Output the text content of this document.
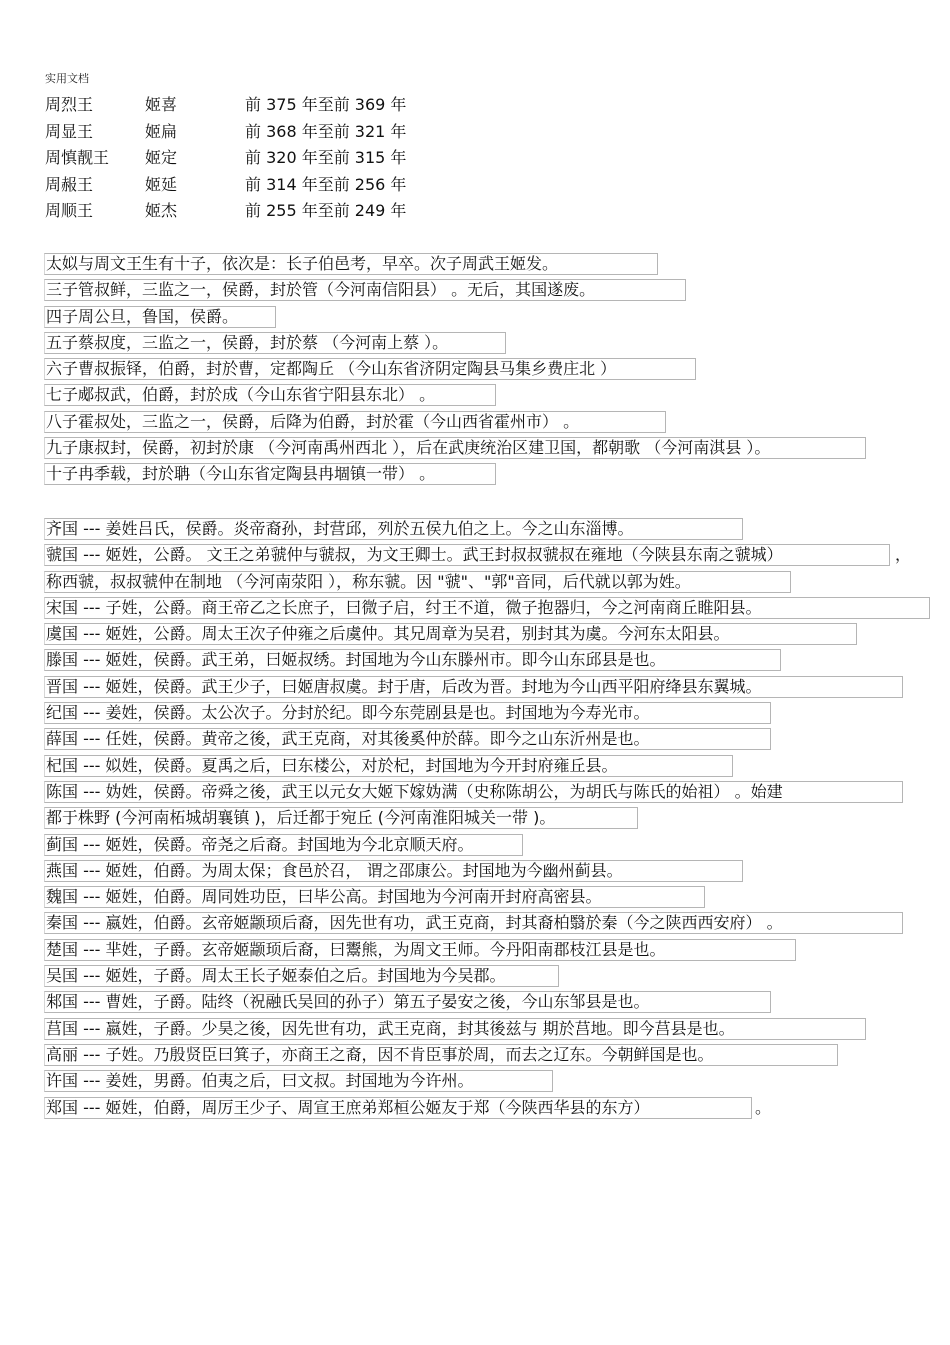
实用文档
周烈王	姬喜	前 375 年至前 369 年
周显王	姬扁	前 368 年至前 321 年
周慎靓王 姬定	前 320 年至前 315 年
周赧王	姬延	前 314 年至前 256 年
周顺王	姬杰	前 255 年至前 249 年
太姒与周文王生有十子，依次是：长子伯邑考，早卒。次子周武王姬发。
三子管叔鲜，三监之一，侯爵，封於管（今河南信阳县） 。无后，其国遂废。
四子周公旦，鲁国，侯爵。
五子蔡叔度，三监之一，侯爵，封於蔡 （今河南上蔡 ）。
六子曹叔振铎，伯爵，封於曹，定都陶丘 （今山东省济阴定陶县马集乡费庄北 ）
七子郕叔武，伯爵，封於成（今山东省宁阳县东北） 。
八子霍叔处，三监之一，侯爵，后降为伯爵，封於霍（今山西省霍州市） 。
九子康叔封，侯爵，初封於康 （今河南禹州西北 ），后在武庚统治区建卫国，都朝歌 （今河南淇县 ）。
十子冉季载，封於聃（今山东省定陶县冉堌镇一带） 。
齐国 --- 姜姓吕氏，侯爵。炎帝裔孙，封营邱，列於五侯九伯之上。今之山东淄博。
虢国 --- 姬姓，公爵。 文王之弟虢仲与虢叔，为文王卿士。武王封叔叔虢叔在雍地（今陕县东南之虢城）	，
称西虢，叔叔虢仲在制地 （今河南荥阳 ），称东虢。因 "虢"、"郭"音同，后代就以郭为姓。
宋国 --- 子姓，公爵。商王帝乙之长庶子，曰微子启，纣王不道，微子抱器归，今之河南商丘睢阳县。
虞国 --- 姬姓，公爵。周太王次子仲雍之后虞仲。其兄周章为吴君，别封其为虞。今河东太阳县。
滕国 --- 姬姓，侯爵。武王弟，曰姬叔绣。封国地为今山东滕州市。即今山东邱县是也。
晋国 --- 姬姓，侯爵。武王少子，曰姬唐叔虞。封于唐，后改为晋。封地为今山西平阳府绛县东翼城。
纪国 --- 姜姓，侯爵。太公次子。分封於纪。即今东莞剧县是也。封国地为今寿光市。
薛国 --- 任姓，侯爵。黄帝之後，武王克商，对其後奚仲於薛。即今之山东沂州是也。
杞国 --- 姒姓，侯爵。夏禹之后，曰东楼公，对於杞，封国地为今开封府雍丘县。
陈国 --- 妫姓，侯爵。帝舜之後，武王以元女大姬下嫁妫满（史称陈胡公，为胡氏与陈氏的始祖） 。始建
都于株野 (今河南柘城胡襄镇 )，后迁都于宛丘 (今河南淮阳城关一带 )。
蓟国 --- 姬姓，侯爵。帝尧之后裔。封国地为今北京顺天府。
燕国 --- 姬姓，伯爵。为周太保；食邑於召， 谓之邵康公。封国地为今幽州蓟县。
魏国 --- 姬姓，伯爵。周同姓功臣，曰毕公高。封国地为今河南开封府高密县。
秦国 --- 嬴姓，伯爵。玄帝姬颛顼后裔，因先世有功，武王克商，封其裔柏翳於秦（今之陕西西安府） 。
楚国 --- 芈姓，子爵。玄帝姬颛顼后裔，曰鬻熊，为周文王师。今丹阳南郡枝江县是也。
吴国 --- 姬姓，子爵。周太王长子姬泰伯之后。封国地为今吴郡。
邾国 --- 曹姓，子爵。陆终（祝融氏吴回的孙子）第五子晏安之後，今山东邹县是也。
莒国 --- 嬴姓，子爵。少昊之後，因先世有功，武王克商，封其後兹与 期於莒地。即今莒县是也。
高丽 --- 子姓。乃殷贤臣曰箕子，亦商王之裔，因不肯臣事於周，而去之辽东。今朝鲜国是也。
许国 --- 姜姓，男爵。伯夷之后，曰文叔。封国地为今许州。
郑国 --- 姬姓，伯爵，周厉王少子、周宣王庶弟郑桓公姬友于郑（今陕西华县的东方）	。
